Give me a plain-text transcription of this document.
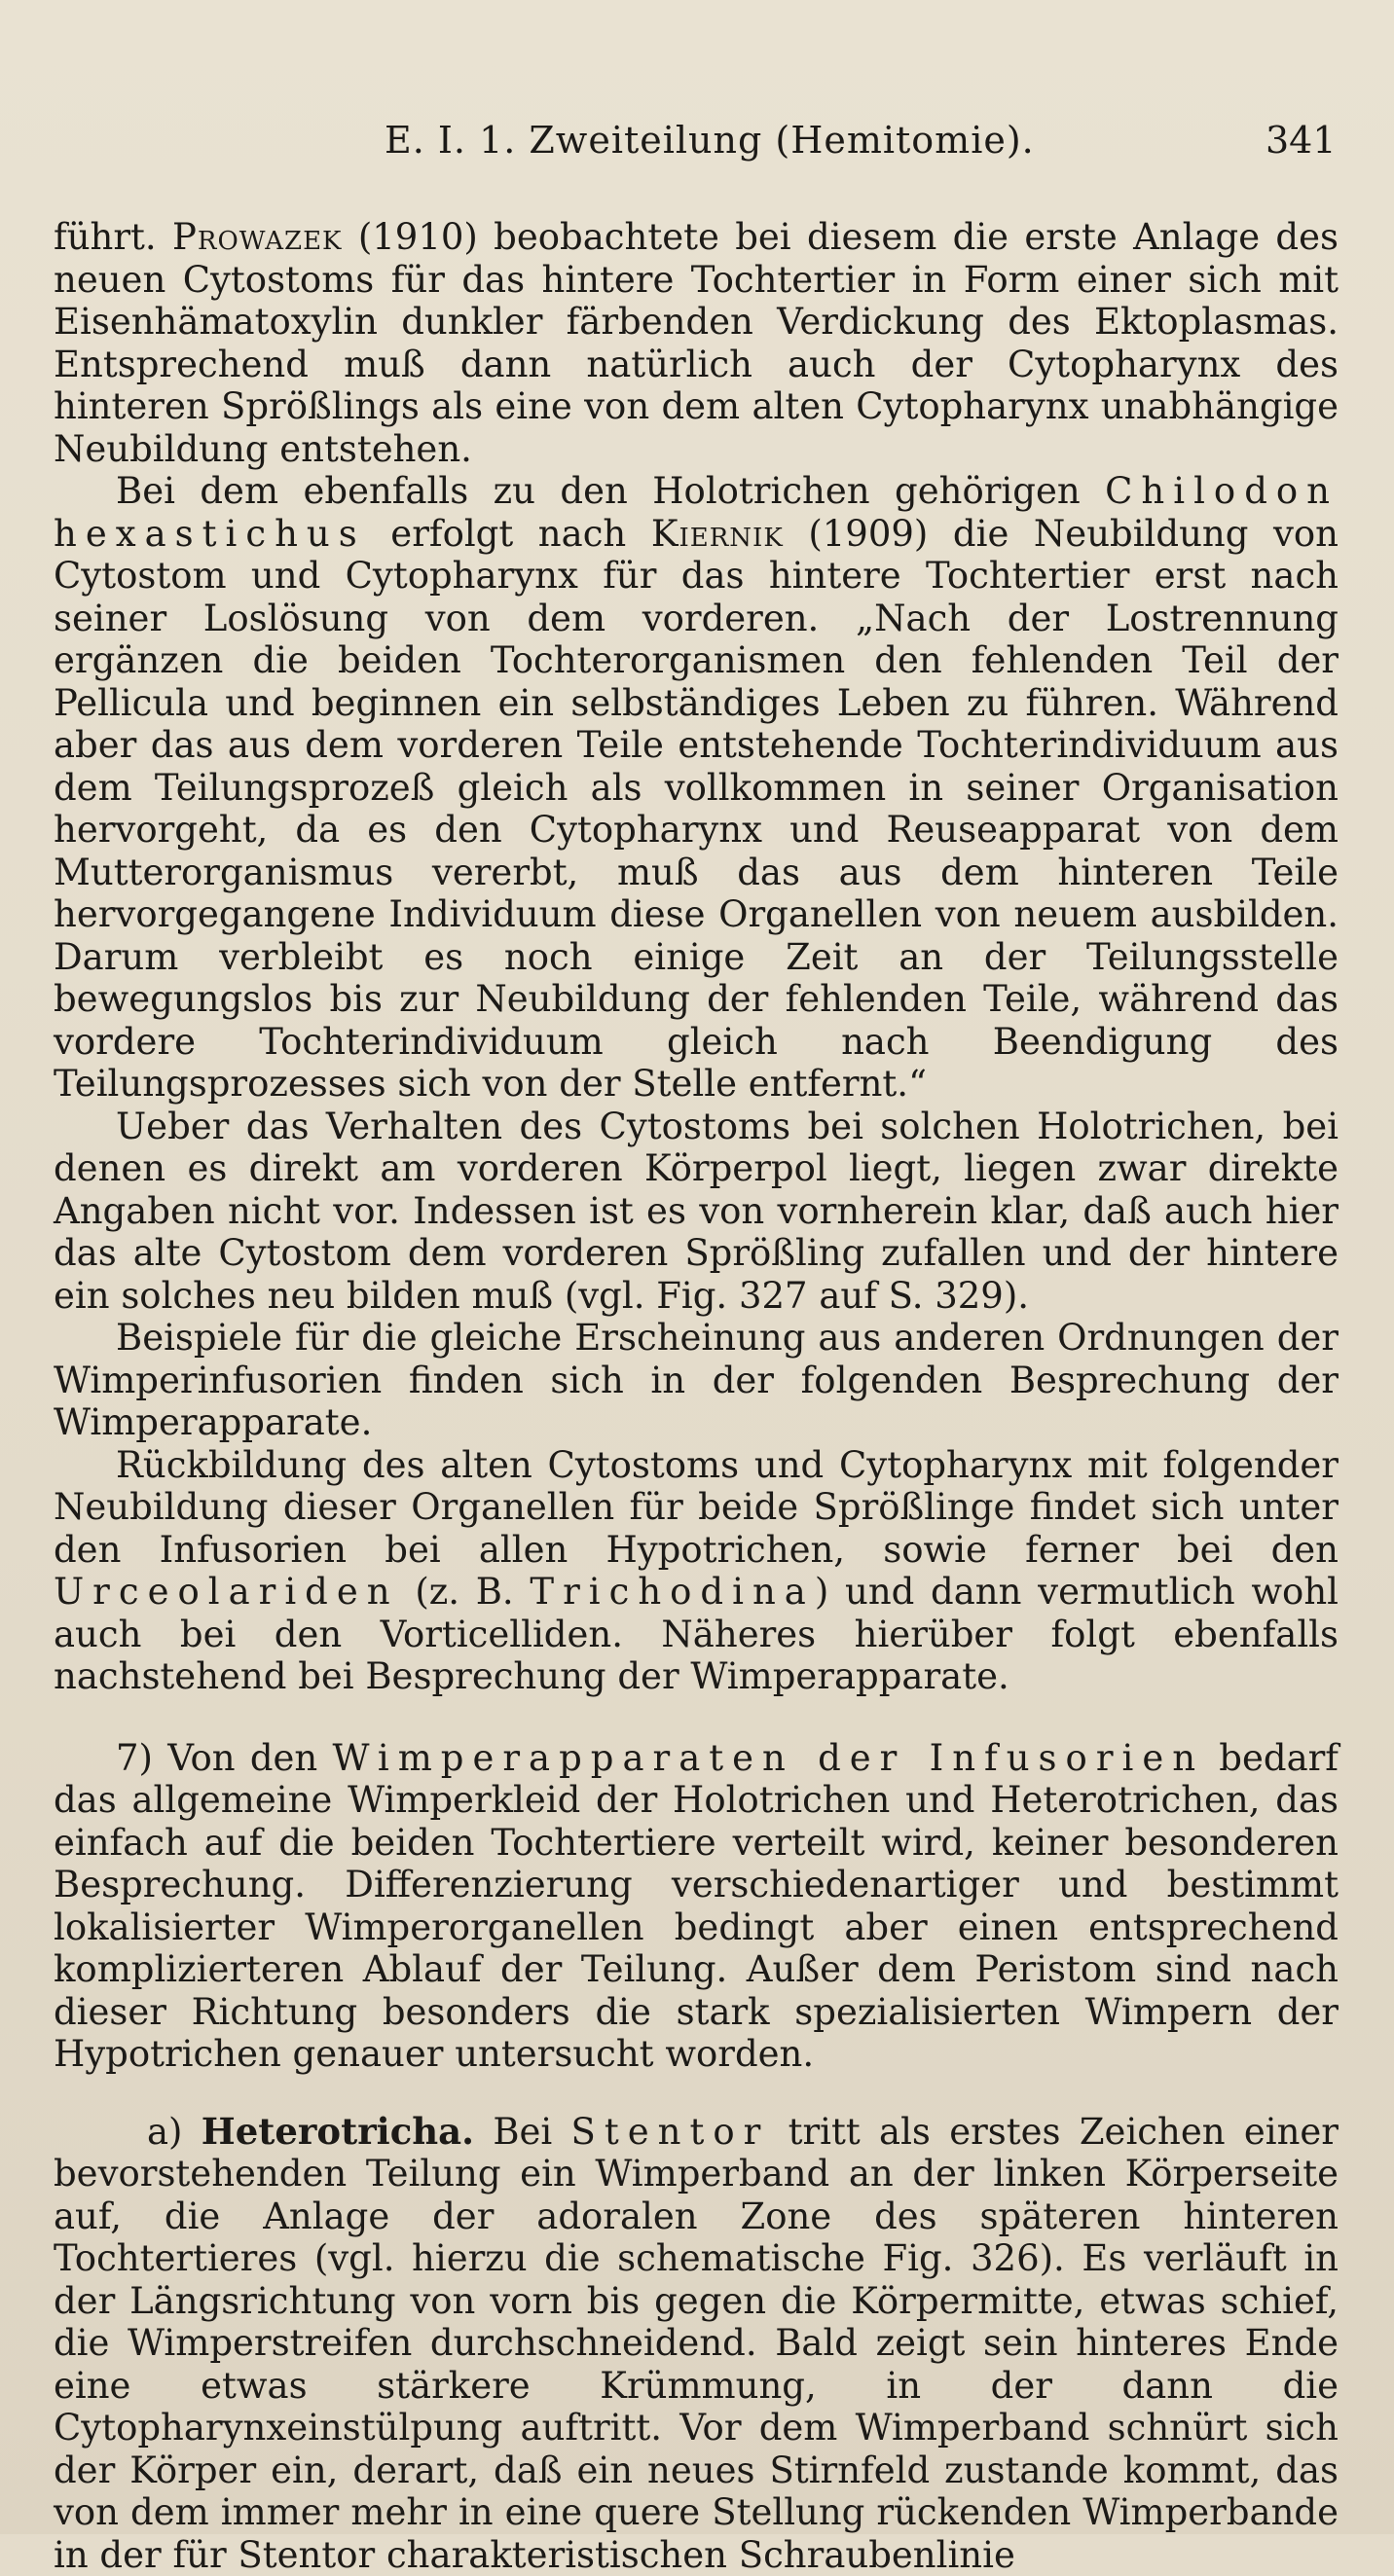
E. I. 1. Zweiteilung (Hemitomie).	341

führt. Prowazek (1910) beobachtete bei diesem die erste Anlage des neuen Cytostoms für das hintere Tochtertier in Form einer sich mit Eisenhämatoxylin dunkler färbenden Verdickung des Ektoplasmas. Entsprechend muß dann natürlich auch der Cytopharynx des hinteren Sprößlings als eine von dem alten Cytopharynx unabhängige Neubildung entstehen.

Bei dem ebenfalls zu den Holotrichen gehörigen Chilodon hexastichus erfolgt nach Kiernik (1909) die Neubildung von Cytostom und Cytopharynx für das hintere Tochtertier erst nach seiner Loslösung von dem vorderen. „Nach der Lostrennung ergänzen die beiden Tochterorganismen den fehlenden Teil der Pellicula und beginnen ein selbständiges Leben zu führen. Während aber das aus dem vorderen Teile entstehende Tochterindividuum aus dem Teilungsprozeß gleich als vollkommen in seiner Organisation hervorgeht, da es den Cytopharynx und Reuseapparat von dem Mutterorganismus vererbt, muß das aus dem hinteren Teile hervorgegangene Individuum diese Organellen von neuem ausbilden. Darum verbleibt es noch einige Zeit an der Teilungsstelle bewegungslos bis zur Neubildung der fehlenden Teile, während das vordere Tochterindividuum gleich nach Beendigung des Teilungsprozesses sich von der Stelle entfernt.“

Ueber das Verhalten des Cytostoms bei solchen Holotrichen, bei denen es direkt am vorderen Körperpol liegt, liegen zwar direkte Angaben nicht vor. Indessen ist es von vornherein klar, daß auch hier das alte Cytostom dem vorderen Sprößling zufallen und der hintere ein solches neu bilden muß (vgl. Fig. 327 auf S. 329).

Beispiele für die gleiche Erscheinung aus anderen Ordnungen der Wimperinfusorien finden sich in der folgenden Besprechung der Wimperapparate.

Rückbildung des alten Cytostoms und Cytopharynx mit folgender Neubildung dieser Organellen für beide Sprößlinge findet sich unter den Infusorien bei allen Hypotrichen, sowie ferner bei den Urceolariden (z. B. Trichodina) und dann vermutlich wohl auch bei den Vorticelliden. Näheres hierüber folgt ebenfalls nachstehend bei Besprechung der Wimperapparate.

7) Von den Wimperapparaten der Infusorien bedarf das allgemeine Wimperkleid der Holotrichen und Heterotrichen, das einfach auf die beiden Tochtertiere verteilt wird, keiner besonderen Besprechung. Differenzierung verschiedenartiger und bestimmt lokalisierter Wimperorganellen bedingt aber einen entsprechend komplizierteren Ablauf der Teilung. Außer dem Peristom sind nach dieser Richtung besonders die stark spezialisierten Wimpern der Hypotrichen genauer untersucht worden.

a) Heterotricha. Bei Stentor tritt als erstes Zeichen einer bevorstehenden Teilung ein Wimperband an der linken Körperseite auf, die Anlage der adoralen Zone des späteren hinteren Tochtertieres (vgl. hierzu die schematische Fig. 326). Es verläuft in der Längsrichtung von vorn bis gegen die Körpermitte, etwas schief, die Wimperstreifen durchschneidend. Bald zeigt sein hinteres Ende eine etwas stärkere Krümmung, in der dann die Cytopharynxeinstülpung auftritt. Vor dem Wimperband schnürt sich der Körper ein, derart, daß ein neues Stirnfeld zustande kommt, das von dem immer mehr in eine quere Stellung rückenden Wimperbande in der für Stentor charakteristischen Schraubenlinie
